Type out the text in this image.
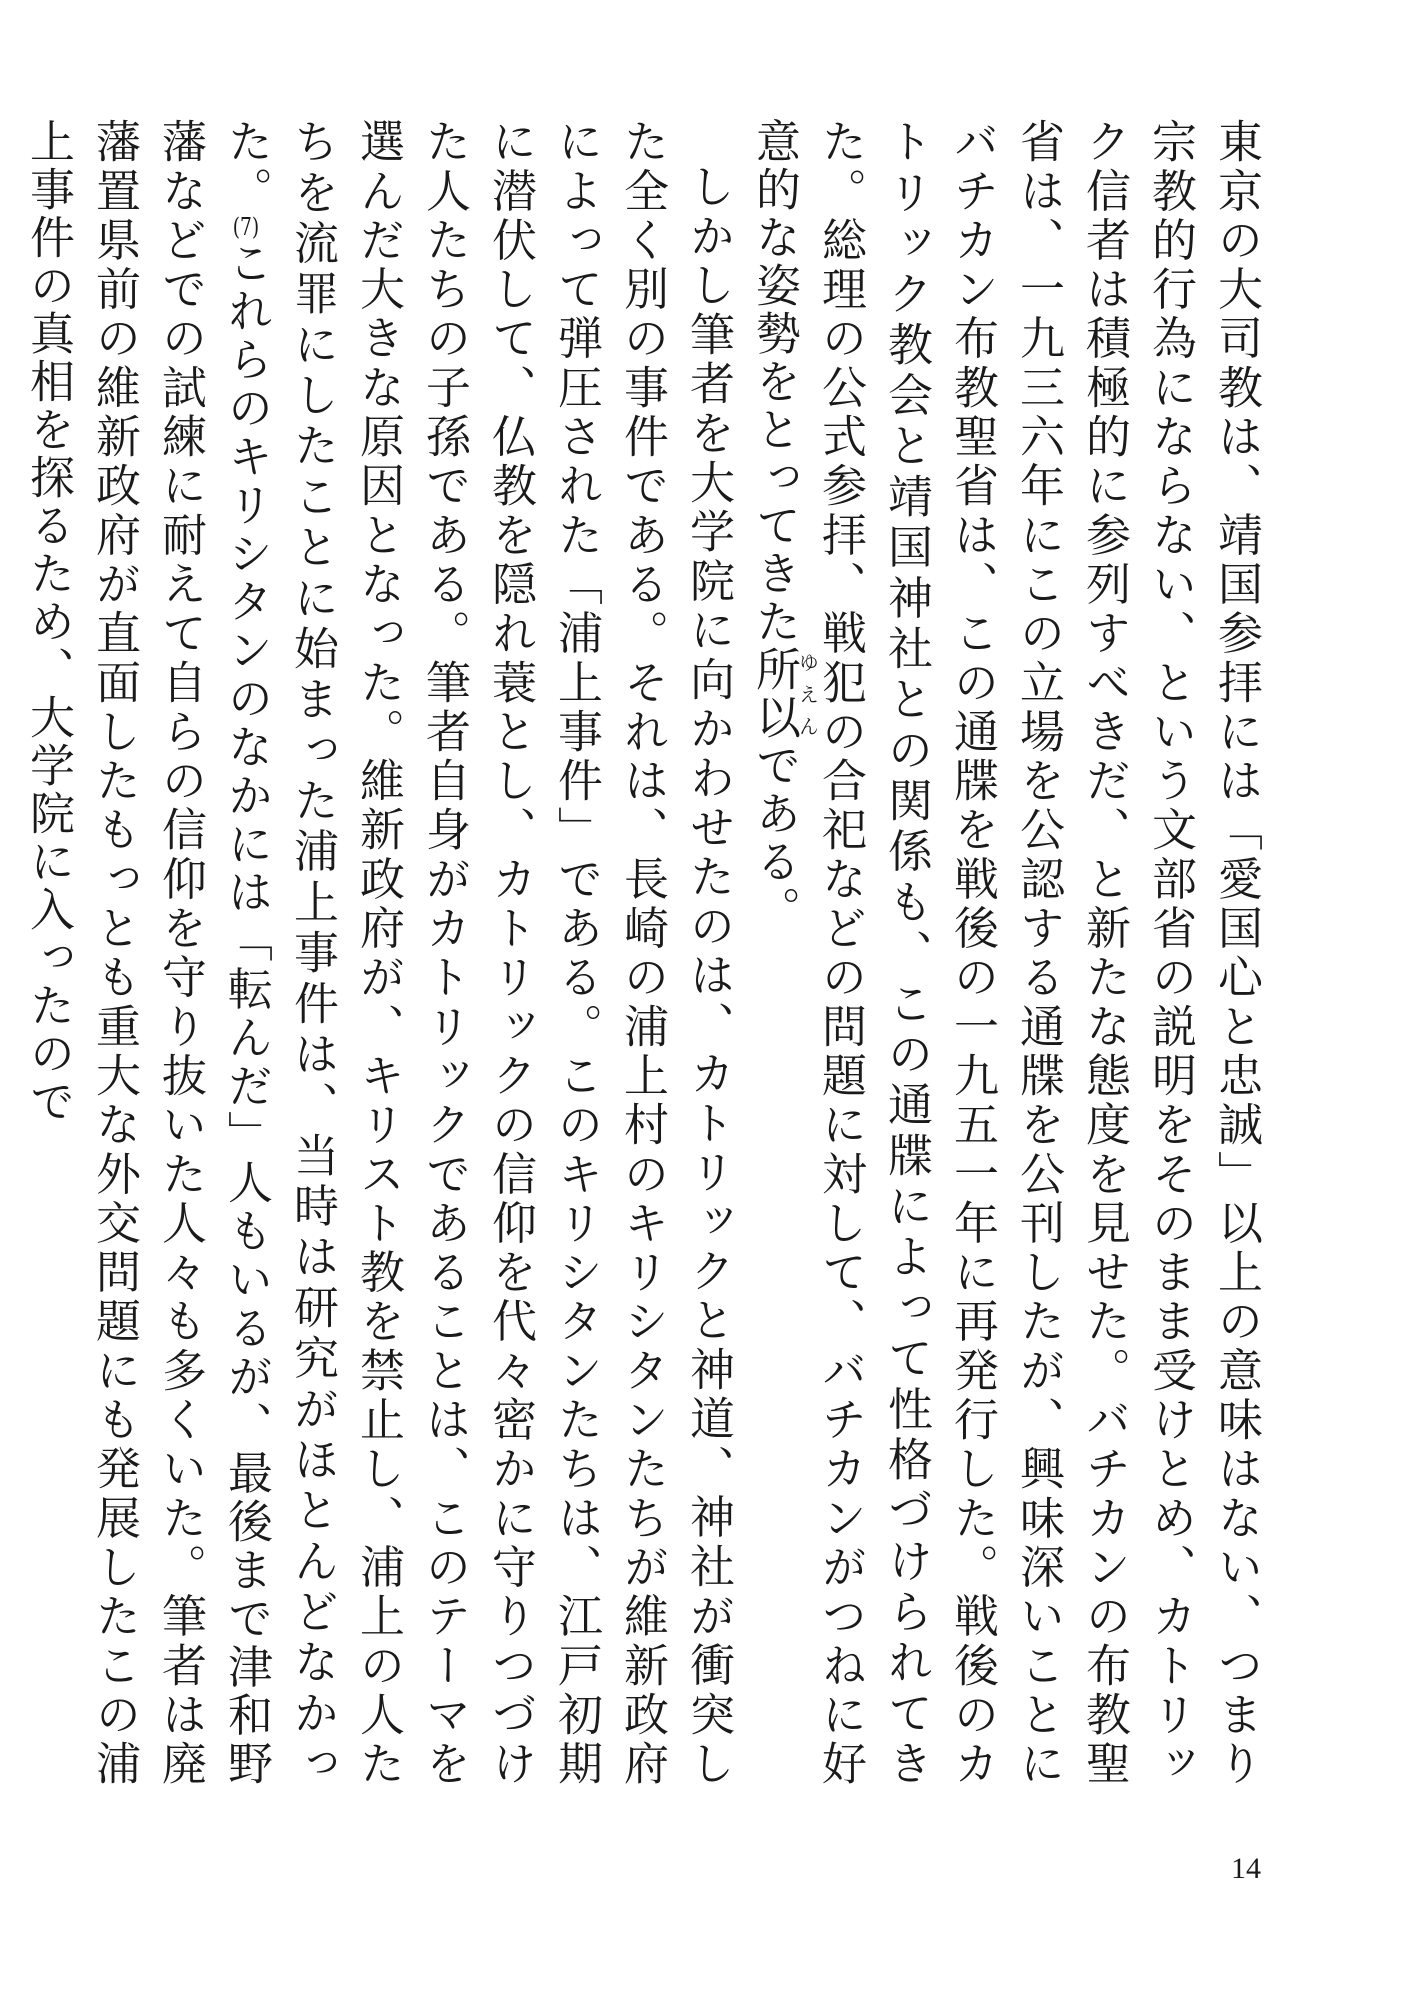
東京の大司教は、靖国参拝には「愛国心と忠誠」以上の意味はない、つまり宗教的行為にならない、という文部省の説明をそのまま受けとめ、カトリック信者は積極的に参列すべきだ、と新たな態度を見せた。バチカンの布教聖省は、一九三六年にこの立場を公認する通牒を公刊したが、興味深いことにバチカン布教聖省は、この通牒を戦後の一九五一年に再発行した。戦後のカトリック教会と靖国神社との関係も、この通牒によって性格づけられてきた。総理の公式参拝、戦犯の合祀などの問題に対して、バチカンがつねに好意的な姿勢をとってきた所以ゆえんである。

しかし筆者を大学院に向かわせたのは、カトリックと神道、神社が衝突した全く別の事件である。それは、長崎の浦上村のキリシタンたちが維新政府によって弾圧された「浦上事件」である。このキリシタンたちは、江戸初期に潜伏して、仏教を隠れ蓑とし、カトリックの信仰を代々密かに守りつづけた人たちの子孫である。筆者自身がカトリックであることは、このテーマを選んだ大きな原因となった。維新政府が、キリスト教を禁止し、浦上の人たちを流罪にしたことに始まった浦上事件は、当時は研究がほとんどなかった。(7)これらのキリシタンのなかには「転んだ」人もいるが、最後まで津和野藩などでの試練に耐えて自らの信仰を守り抜いた人々も多くいた。筆者は廃藩置県前の維新政府が直面したもっとも重大な外交問題にも発展したこの浦上事件の真相を探るため、大学院に入ったので

14
